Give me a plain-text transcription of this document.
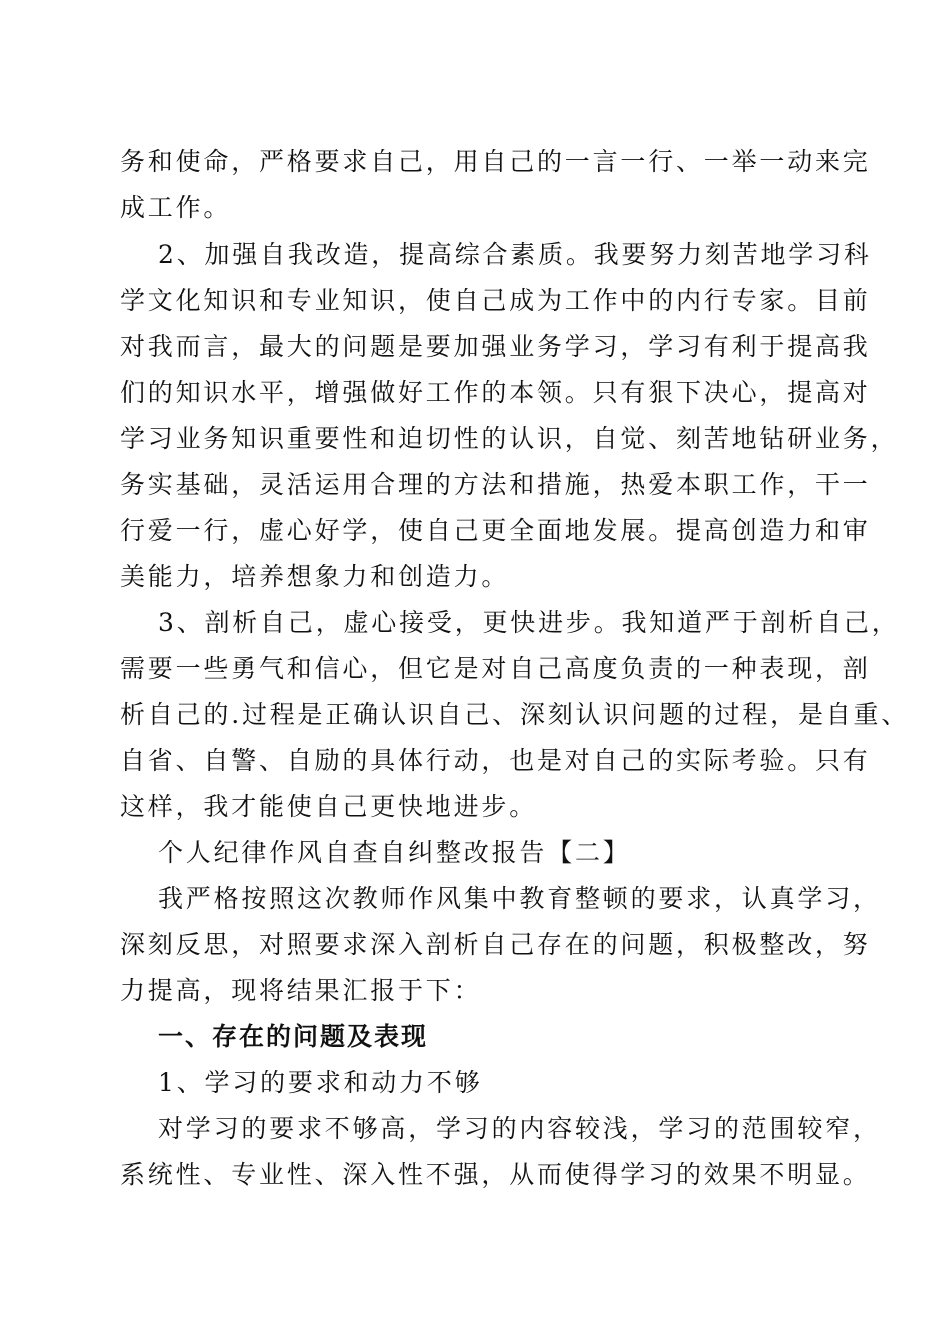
务和使命，严格要求自己，用自己的一言一行、一举一动来完
成工作。
2、加强自我改造，提高综合素质。我要努力刻苦地学习科
学文化知识和专业知识，使自己成为工作中的内行专家。目前
对我而言，最大的问题是要加强业务学习，学习有利于提高我
们的知识水平，增强做好工作的本领。只有狠下决心，提高对
学习业务知识重要性和迫切性的认识，自觉、刻苦地钻研业务，
务实基础，灵活运用合理的方法和措施，热爱本职工作，干一
行爱一行，虚心好学，使自己更全面地发展。提高创造力和审
美能力，培养想象力和创造力。
3、剖析自己，虚心接受，更快进步。我知道严于剖析自己，
需要一些勇气和信心，但它是对自己高度负责的一种表现，剖
析自己的.过程是正确认识自己、深刻认识问题的过程，是自重、
自省、自警、自励的具体行动，也是对自己的实际考验。只有
这样，我才能使自己更快地进步。
个人纪律作风自查自纠整改报告【二】
我严格按照这次教师作风集中教育整顿的要求，认真学习，
深刻反思，对照要求深入剖析自己存在的问题，积极整改，努
力提高，现将结果汇报于下：
一、存在的问题及表现
1、学习的要求和动力不够
对学习的要求不够高，学习的内容较浅，学习的范围较窄，
系统性、专业性、深入性不强，从而使得学习的效果不明显。
